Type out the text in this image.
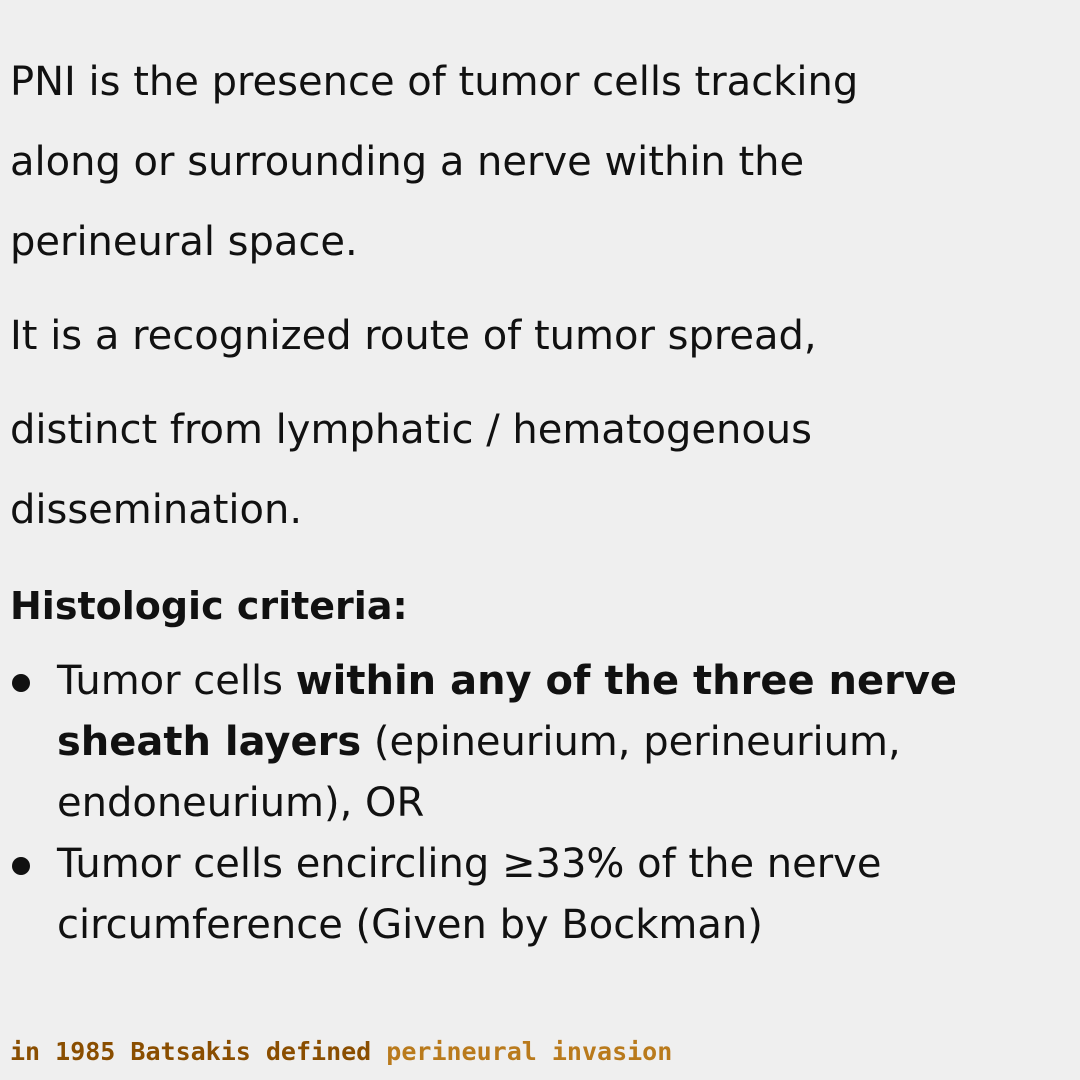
PNI is the presence of tumor cells tracking
along or surrounding a nerve within the
perineural space.
It is a recognized route of tumor spread,
distinct from lymphatic / hematogenous
dissemination.
Histologic criteria:
Tumor cells within any of the three nerve
sheath layers (epineurium, perineurium,
endoneurium), OR
Tumor cells encircling ≥33% of the nerve
circumference (Given by Bockman)
in 1985 Batsakis defined perineural invasion
